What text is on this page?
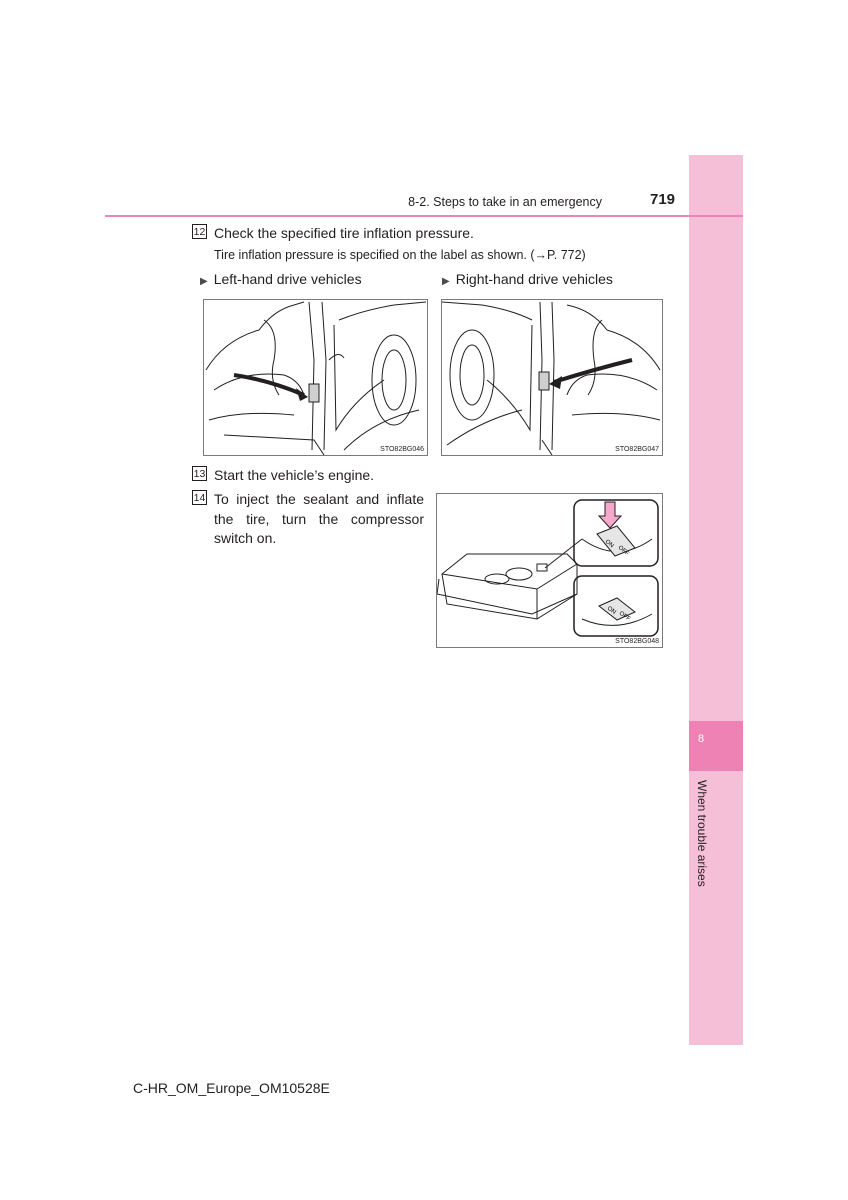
8
When trouble arises
8-2. Steps to take in an emergency	719
12 Check the specified tire inflation pressure.
Tire inflation pressure is specified on the label as shown. (→P. 772)
▶ Left-hand drive vehicles	▶ Right-hand drive vehicles
STO82BG046	STO82BG047
13 Start the vehicle’s engine.
14 To inject the sealant and inflate the tire, turn the compressor switch on.	ON
OFF
ON OFF
STO82BG048
C-HR_OM_Europe_OM10528E
